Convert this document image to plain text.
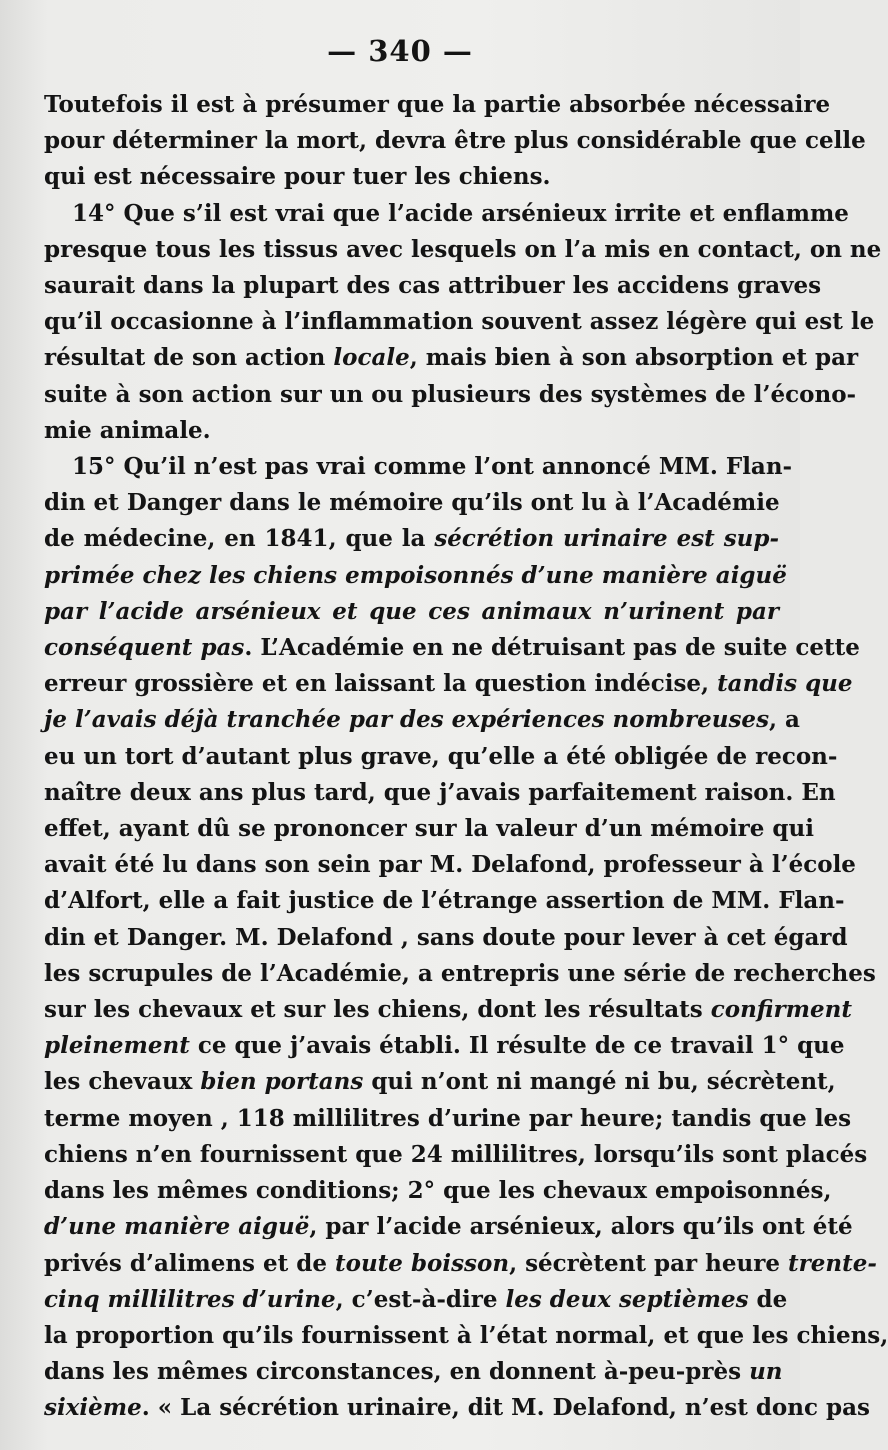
— 340 —
Toutefois il est à présumer que la partie absorbée nécessaire
pour déterminer la mort, devra être plus considérable que celle
qui est nécessaire pour tuer les chiens.
14° Que s’il est vrai que l’acide arsénieux irrite et enflamme
presque tous les tissus avec lesquels on l’a mis en contact, on ne
saurait dans la plupart des cas attribuer les accidens graves
qu’il occasionne à l’inflammation souvent assez légère qui est le
résultat de son action locale, mais bien à son absorption et par
suite à son action sur un ou plusieurs des systèmes de l’écono-
mie animale.
15° Qu’il n’est pas vrai comme l’ont annoncé MM. Flan-
din et Danger dans le mémoire qu’ils ont lu à l’Académie
de médecine, en 1841, que la sécrétion urinaire est sup-
primée chez les chiens empoisonnés d’une manière aiguë
par l’acide arsénieux et que ces animaux n’urinent par
conséquent pas. L’Académie en ne détruisant pas de suite cette
erreur grossière et en laissant la question indécise, tandis que
je l’avais déjà tranchée par des expériences nombreuses, a
eu un tort d’autant plus grave, qu’elle a été obligée de recon-
naître deux ans plus tard, que j’avais parfaitement raison. En
effet, ayant dû se prononcer sur la valeur d’un mémoire qui
avait été lu dans son sein par M. Delafond, professeur à l’école
d’Alfort, elle a fait justice de l’étrange assertion de MM. Flan-
din et Danger. M. Delafond , sans doute pour lever à cet égard
les scrupules de l’Académie, a entrepris une série de recherches
sur les chevaux et sur les chiens, dont les résultats confirment
pleinement ce que j’avais établi. Il résulte de ce travail 1° que
les chevaux bien portans qui n’ont ni mangé ni bu, sécrètent,
terme moyen , 118 millilitres d’urine par heure; tandis que les
chiens n’en fournissent que 24 millilitres, lorsqu’ils sont placés
dans les mêmes conditions; 2° que les chevaux empoisonnés,
d’une manière aiguë, par l’acide arsénieux, alors qu’ils ont été
privés d’alimens et de toute boisson, sécrètent par heure trente-
cinq millilitres d’urine, c’est-à-dire les deux septièmes de
la proportion qu’ils fournissent à l’état normal, et que les chiens,
dans les mêmes circonstances, en donnent à-peu-près un
sixième. « La sécrétion urinaire, dit M. Delafond, n’est donc pas
